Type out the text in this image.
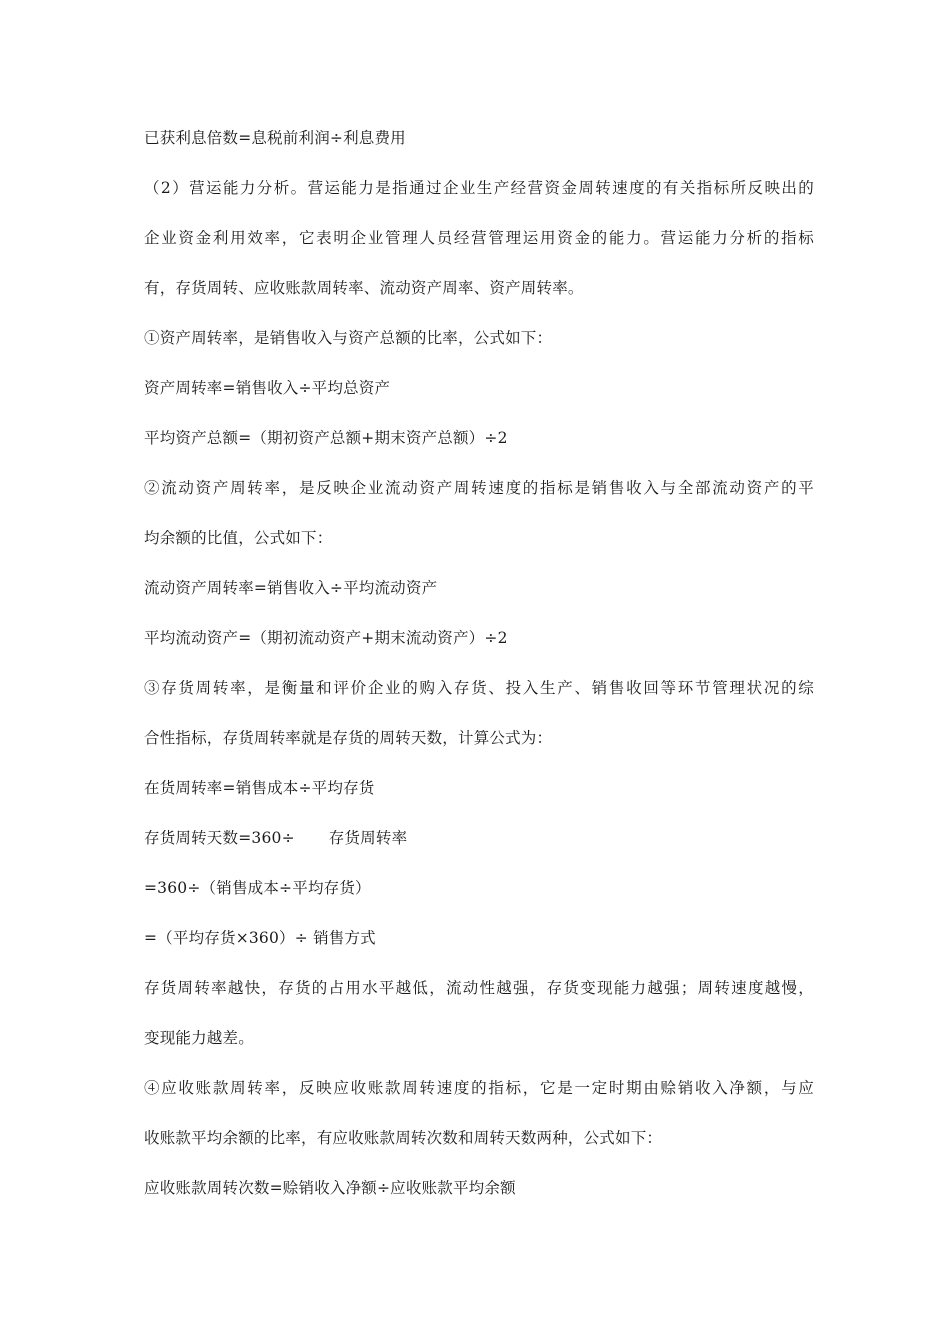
已获利息倍数=息税前利润÷利息费用
（2）营运能力分析。营运能力是指通过企业生产经营资金周转速度的有关指标所反映出的
企业资金利用效率，它表明企业管理人员经营管理运用资金的能力。营运能力分析的指标
有，存货周转、应收账款周转率、流动资产周率、资产周转率。
①资产周转率，是销售收入与资产总额的比率，公式如下：
资产周转率=销售收入÷平均总资产
平均资产总额=（期初资产总额+期末资产总额）÷2
②流动资产周转率，是反映企业流动资产周转速度的指标是销售收入与全部流动资产的平
均余额的比值，公式如下：
流动资产周转率=销售收入÷平均流动资产
平均流动资产=（期初流动资产+期末流动资产）÷2
③存货周转率，是衡量和评价企业的购入存货、投入生产、销售收回等环节管理状况的综
合性指标，存货周转率就是存货的周转天数，计算公式为：
在货周转率=销售成本÷平均存货
存货周转天数=360÷ 存货周转率
=360÷（销售成本÷平均存货）
=（平均存货×360）÷ 销售方式
存货周转率越快，存货的占用水平越低，流动性越强，存货变现能力越强；周转速度越慢，
变现能力越差。
④应收账款周转率，反映应收账款周转速度的指标，它是一定时期由赊销收入净额，与应
收账款平均余额的比率，有应收账款周转次数和周转天数两种，公式如下：
应收账款周转次数=赊销收入净额÷应收账款平均余额
